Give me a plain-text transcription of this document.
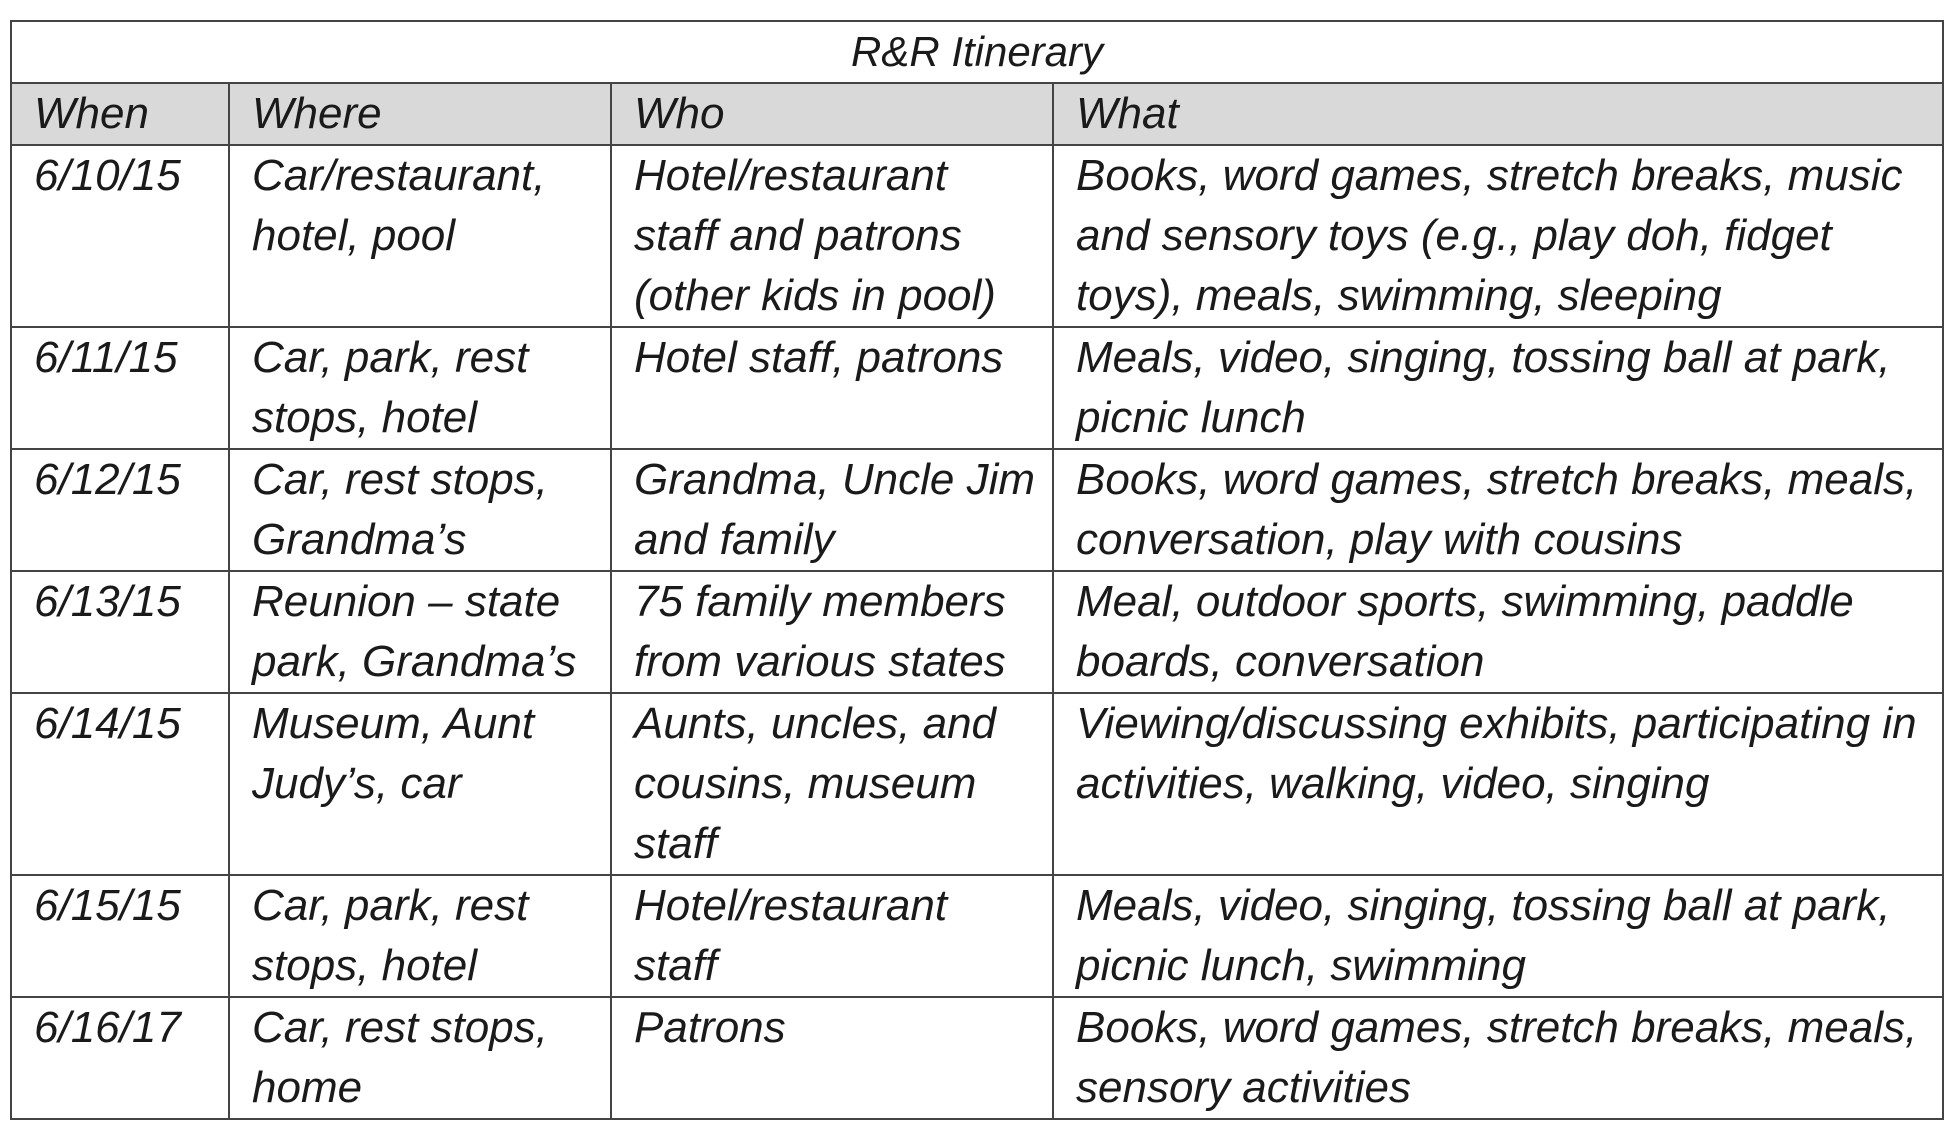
R&R Itinerary			
When	Where	Who	What
6/10/15	Car/restaurant, hotel, pool	Hotel/restaurant staff and patrons (other kids in pool)	Books, word games, stretch breaks, music and sensory toys (e.g., play doh, fidget toys), meals, swimming, sleeping
6/11/15	Car, park, rest stops, hotel	Hotel staff, patrons	Meals, video, singing, tossing ball at park, picnic lunch
6/12/15	Car, rest stops, Grandma’s	Grandma, Uncle Jim and family	Books, word games, stretch breaks, meals, conversation, play with cousins
6/13/15	Reunion – state park, Grandma’s	75 family members from various states	Meal, outdoor sports, swimming, paddle boards, conversation
6/14/15	Museum, Aunt Judy’s, car	Aunts, uncles, and cousins, museum staff	Viewing/discussing exhibits, participating in activities, walking, video, singing
6/15/15	Car, park, rest stops, hotel	Hotel/restaurant staff	Meals, video, singing, tossing ball at park, picnic lunch, swimming
6/16/17	Car, rest stops, home	Patrons	Books, word games, stretch breaks, meals, sensory activities
